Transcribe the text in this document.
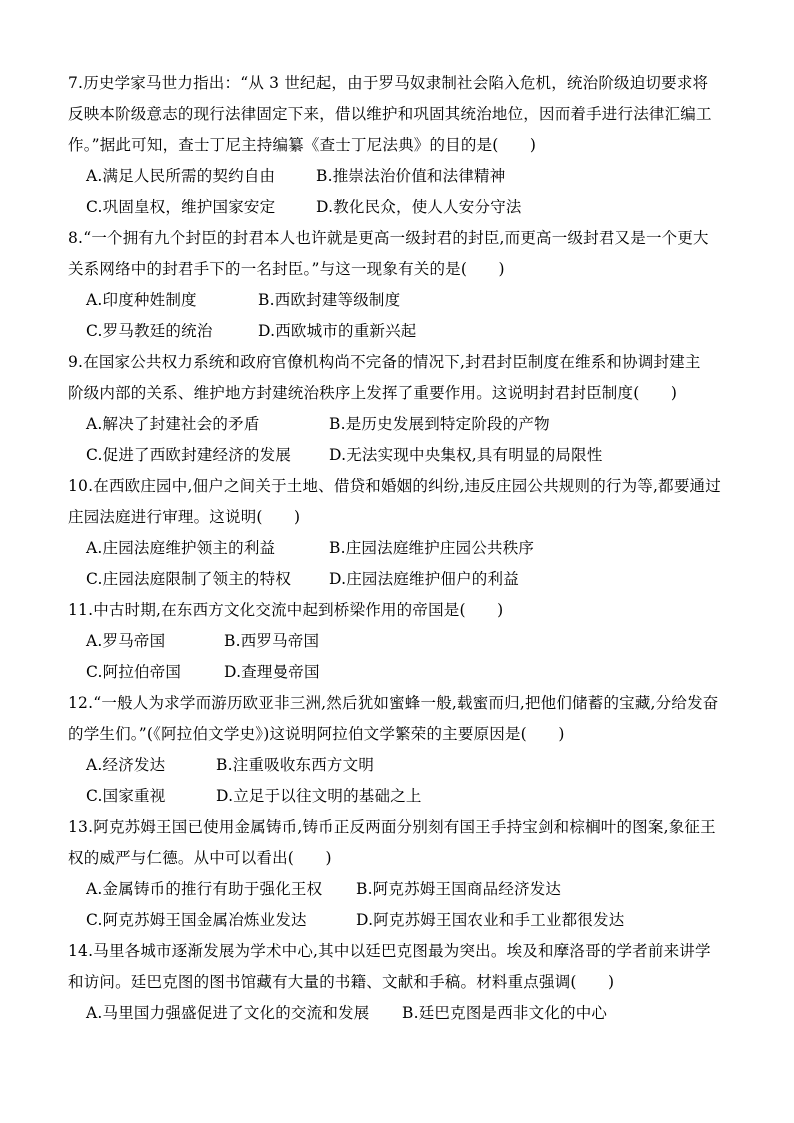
7.历史学家马世力指出：“从 3 世纪起，由于罗马奴隶制社会陷入危机，统治阶级迫切要求将
反映本阶级意志的现行法律固定下来，借以维护和巩固其统治地位，因而着手进行法律汇编工
作。”据此可知，查士丁尼主持编纂《查士丁尼法典》的目的是(　　)
A.满足人民所需的契约自由	B.推崇法治价值和法律精神
C.巩固皇权，维护国家安定	D.教化民众，使人人安分守法
8.“一个拥有九个封臣的封君本人也许就是更高一级封君的封臣,而更高一级封君又是一个更大
关系网络中的封君手下的一名封臣。”与这一现象有关的是(　　)
A.印度种姓制度	B.西欧封建等级制度
C.罗马教廷的统治	D.西欧城市的重新兴起
9.在国家公共权力系统和政府官僚机构尚不完备的情况下,封君封臣制度在维系和协调封建主
阶级内部的关系、维护地方封建统治秩序上发挥了重要作用。这说明封君封臣制度(　　)
A.解决了封建社会的矛盾	B.是历史发展到特定阶段的产物
C.促进了西欧封建经济的发展	D.无法实现中央集权,具有明显的局限性
10.在西欧庄园中,佃户之间关于土地、借贷和婚姻的纠纷,违反庄园公共规则的行为等,都要通过
庄园法庭进行审理。这说明(　　)
A.庄园法庭维护领主的利益	B.庄园法庭维护庄园公共秩序
C.庄园法庭限制了领主的特权	D.庄园法庭维护佃户的利益
11.中古时期,在东西方文化交流中起到桥梁作用的帝国是(　　)
A.罗马帝国	B.西罗马帝国
C.阿拉伯帝国	D.查理曼帝国
12.“一般人为求学而游历欧亚非三洲,然后犹如蜜蜂一般,载蜜而归,把他们储蓄的宝藏,分给发奋
的学生们。”(《阿拉伯文学史》)这说明阿拉伯文学繁荣的主要原因是(　　)
A.经济发达	B.注重吸收东西方文明
C.国家重视	D.立足于以往文明的基础之上
13.阿克苏姆王国已使用金属铸币,铸币正反两面分别刻有国王手持宝剑和棕榈叶的图案,象征王
权的威严与仁德。从中可以看出(　　)
A.金属铸币的推行有助于强化王权	B.阿克苏姆王国商品经济发达
C.阿克苏姆王国金属冶炼业发达	D.阿克苏姆王国农业和手工业都很发达
14.马里各城市逐渐发展为学术中心,其中以廷巴克图最为突出。埃及和摩洛哥的学者前来讲学
和访问。廷巴克图的图书馆藏有大量的书籍、文献和手稿。材料重点强调(　　)
A.马里国力强盛促进了文化的交流和发展	B.廷巴克图是西非文化的中心
